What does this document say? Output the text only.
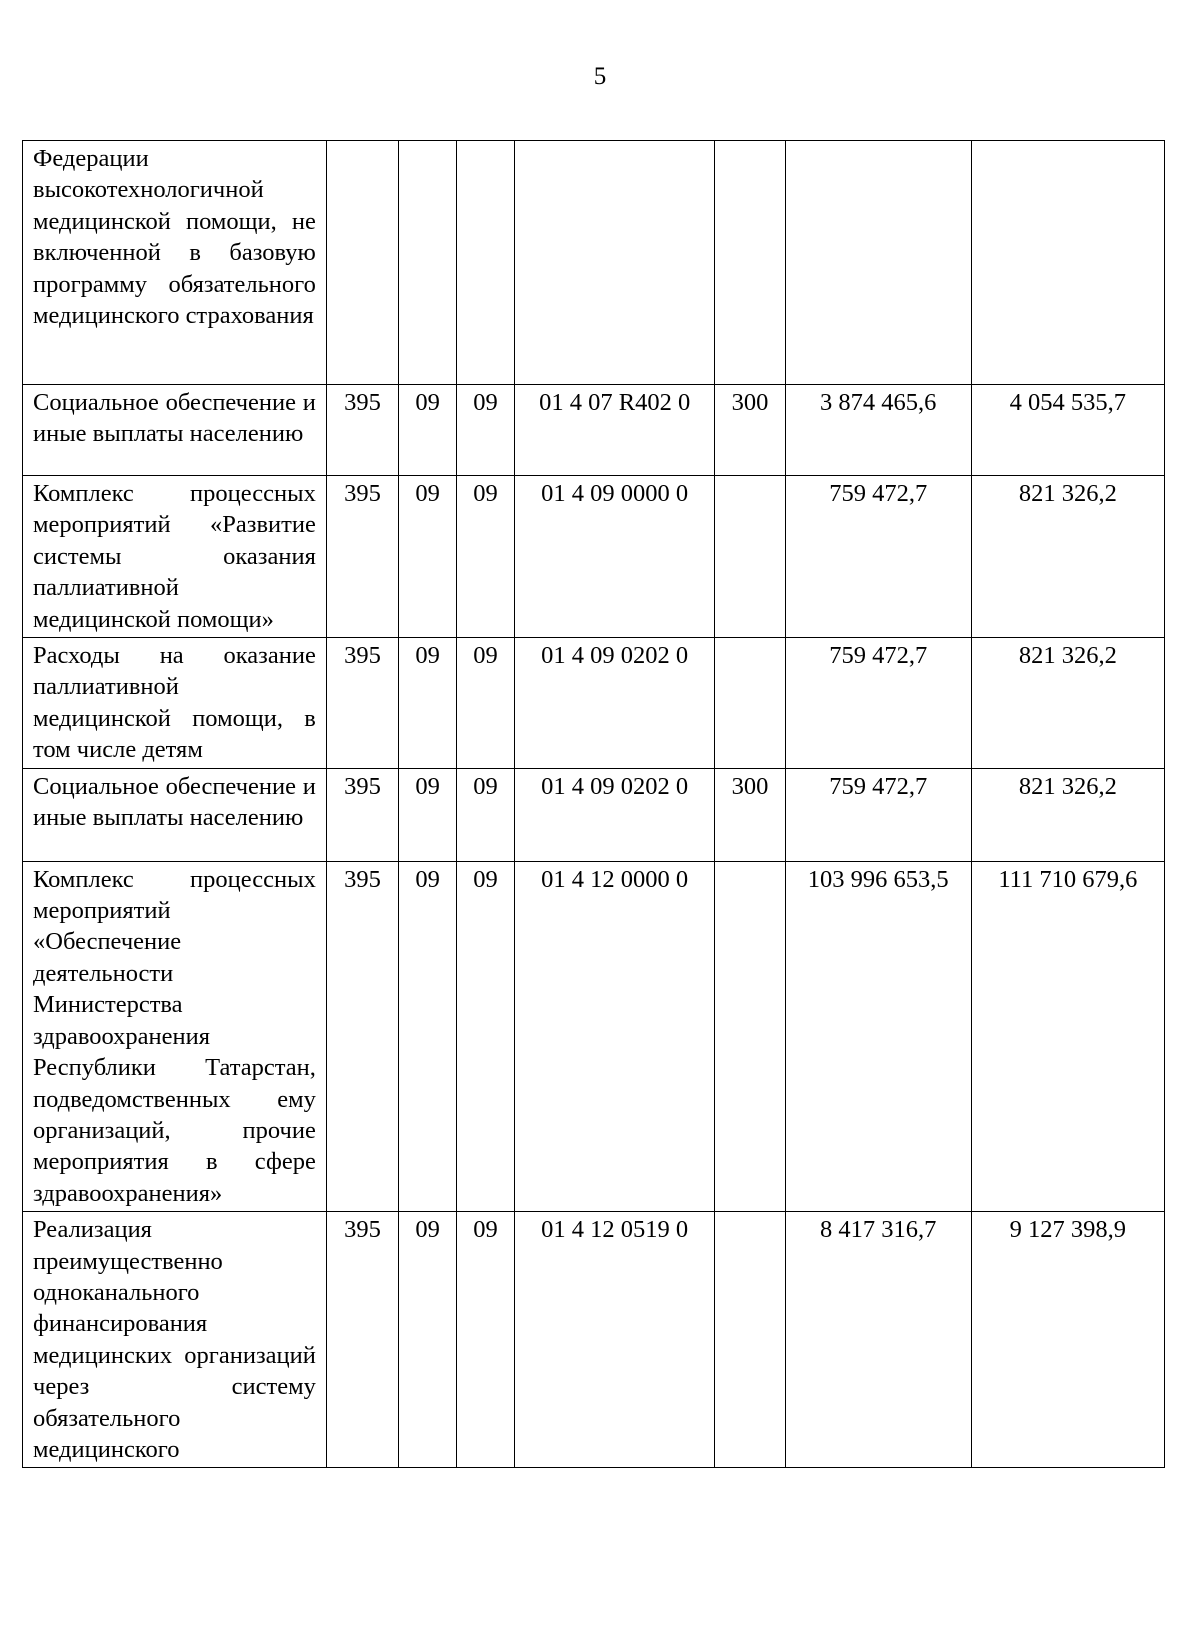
5
Федерации высокотехнологичной медицинской помощи, не включенной в базовую программу обязательного медицинского страхования							
Социальное обеспечение и иные выплаты населению	395	09	09	01 4 07 R402 0	300	3 874 465,6	4 054 535,7
Комплекс процессных мероприятий «Развитие системы оказания паллиативной медицинской помощи»	395	09	09	01 4 09 0000 0		759 472,7	821 326,2
Расходы на оказание паллиативной медицинской помощи, в том числе детям	395	09	09	01 4 09 0202 0		759 472,7	821 326,2
Социальное обеспечение и иные выплаты населению	395	09	09	01 4 09 0202 0	300	759 472,7	821 326,2
Комплекс процессных мероприятий «Обеспечение деятельности Министерства здравоохранения Республики Татарстан, подведомственных ему организаций, прочие мероприятия в сфере здравоохранения»	395	09	09	01 4 12 0000 0		103 996 653,5	111 710 679,6
Реализация преимущественно одноканального финансирования медицинских организаций через систему обязательного медицинского	395	09	09	01 4 12 0519 0		8 417 316,7	9 127 398,9
